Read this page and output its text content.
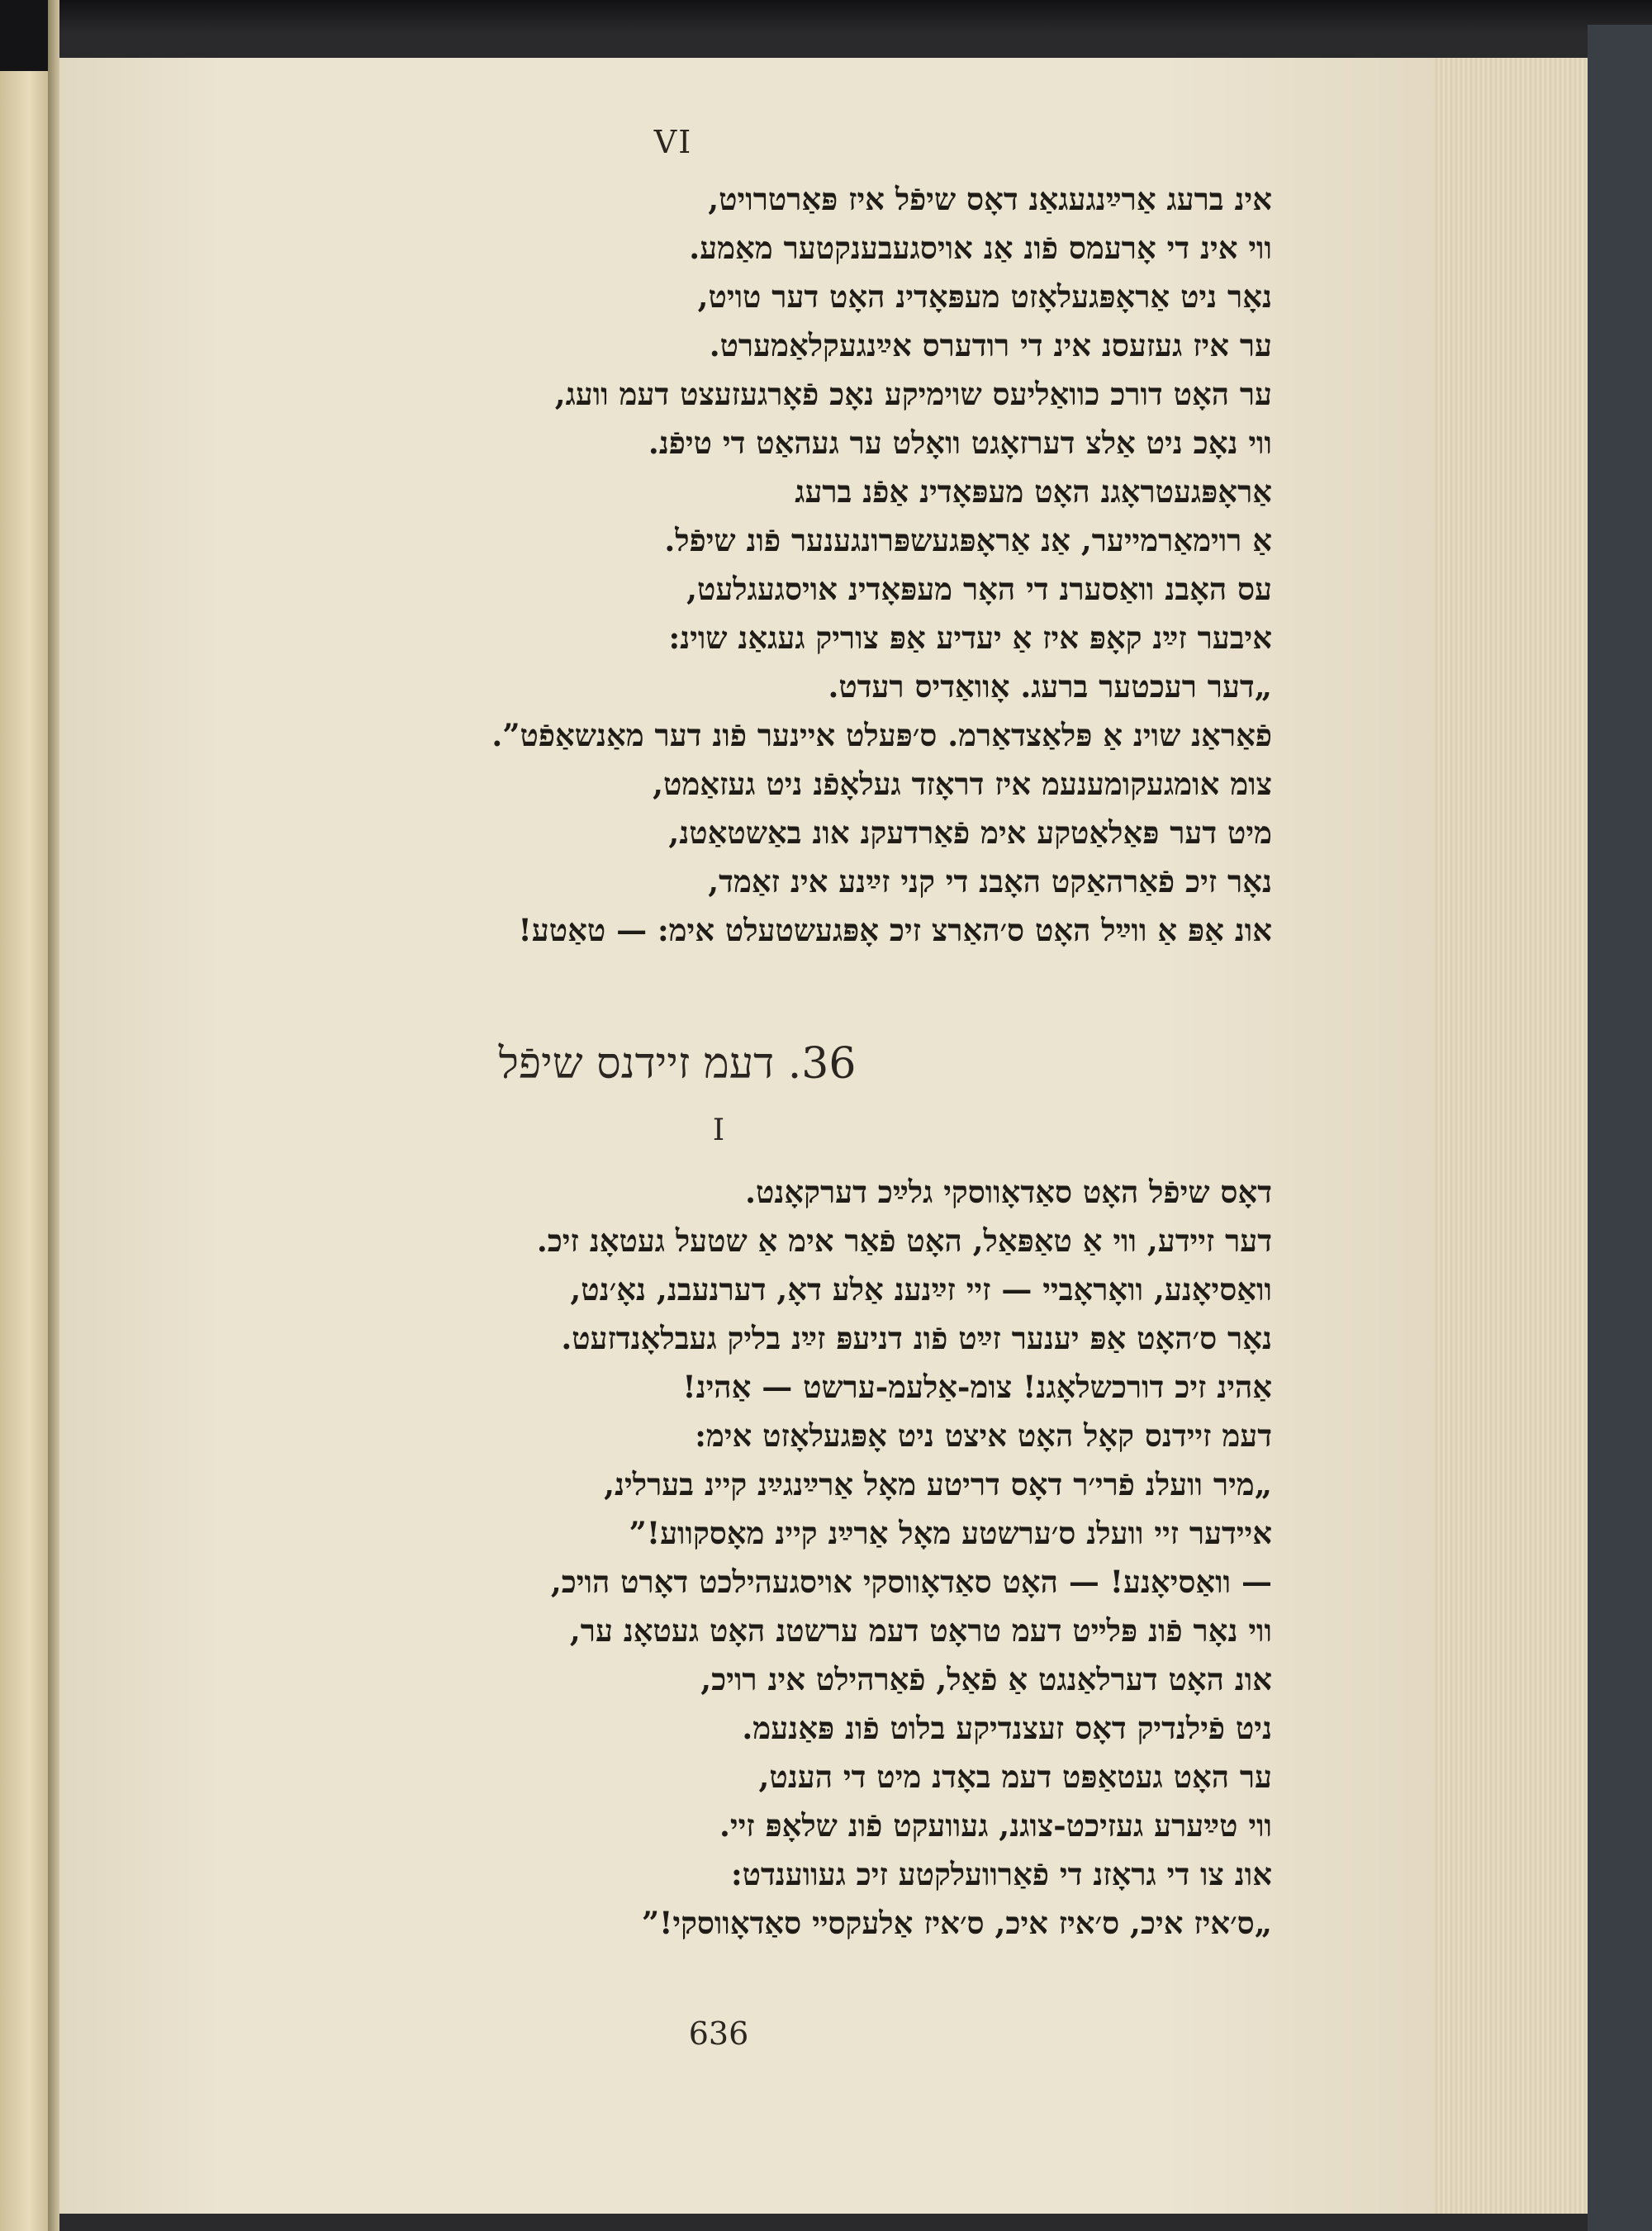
VI
אינ ברעג אַרײַנגעגאַנ דאָס שיפֿל איז פּאַרטרויט,
ווי אינ די אָרעמס פֿונ אַנ אויסגעבענקטער מאַמע.
נאָר ניט אַראָפּגעלאָזט מעפּאָדינ האָט דער טויט,
ער איז געזעסנ אינ די רודערס אײַנגעקלאַמערט.
ער האָט דורכ כוואַליעס שוימיקע נאָכ פֿאָרגעזעצט דעמ וועג,
ווי נאָכ ניט אַלצ דערזאָגט וואָלט ער געהאַט די טיפֿנ.
אַראָפּגעטראָגנ האָט מעפּאָדינ אַפֿנ ברעג
אַ רוימאַרמייער, אַנ אַראָפּגעשפּרונגענער פֿונ שיפֿל.
עס האָבנ וואַסערנ די האָר מעפּאָדינ אויסגעגלעט,
איבער זײַנ קאָפּ איז אַ יעדיע אַפּ צוריק געגאַנ שוינ:
„דער רעכטער ברעג. אָוואַדיס רעדט.
פֿאַראַנ שוינ אַ פּלאַצדאַרמ. ס׳פּעלט איינער פֿונ דער מאַנשאַפֿט”.
צומ אומגעקומענעמ איז דראָזד געלאָפֿנ ניט געזאַמט,
מיט דער פּאַלאַטקע אימ פֿאַרדעקנ אונ באַשטאַטנ,
נאָר זיכ פֿאַרהאַקט האָבנ די קני זײַנע אינ זאַמד,
אונ אַפּ אַ ווײַל האָט ס׳האַרצ זיכ אָפּגעשטעלט אימ: — טאַטע!
36. דעמ זיידנס שיפֿל
I
דאָס שיפֿל האָט סאַדאָווסקי גלײַכ דערקאָנט.
דער זיידע, ווי אַ טאַפּאַל, האָט פֿאַר אימ אַ שטעל געטאָנ זיכ.
וואַסיאָנע, וואָראָביי — זיי זײַנענ אַלע דאָ, דערנעבנ, נאָ׳נט,
נאָר ס׳האָט אַפּ יענער זײַט פֿונ דניעפּ זײַנ בליק געבלאָנדזעט.
אַהינ זיכ דורכשלאָגנ! צומ-אַלעמ-ערשט — אַהינ!
דעמ זיידנס קאָל האָט איצט ניט אָפּגעלאָזט אימ:
„מיר וועלנ פֿרי׳ר דאָס דריטע מאָל אַרײַנגײַנ קיינ בערלינ,
איידער זיי וועלנ ס׳ערשטע מאָל אַרײַנ קיינ מאָסקווע!”
— וואַסיאָנע! — האָט סאַדאָווסקי אויסגעהילכט דאָרט הויכ,
ווי נאָר פֿונ פּלײט דעמ טראָט דעמ ערשטנ האָט געטאָנ ער,
אונ האָט דערלאַנגט אַ פֿאַל, פֿאַרהילט אינ רויכ,
ניט פֿילנדיק דאָס זעצנדיקע בלוט פֿונ פּאַנעמ.
ער האָט געטאַפּט דעמ באָדנ מיט די הענט,
ווי טײַערע געזיכט-צוגנ, געוועקט פֿונ שלאָפּ זיי.
אונ צו די גראָזנ די פֿאַרוועלקטע זיכ געווענדט:
„ס׳איז איכ, ס׳איז איכ, ס׳איז אַלעקסיי סאַדאָווסקי!”
636
